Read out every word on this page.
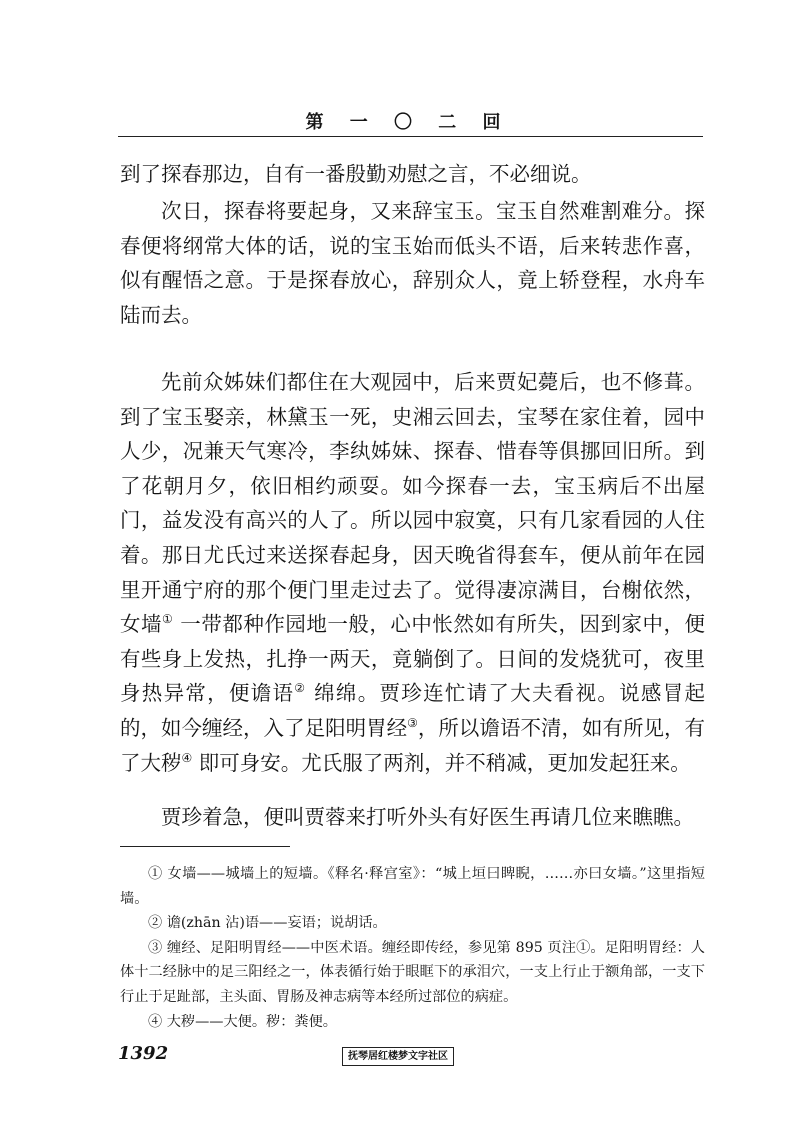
第 一 〇 二 回

到了探春那边，自有一番殷勤劝慰之言，不必细说。

次日，探春将要起身，又来辞宝玉。宝玉自然难割难分。探春便将纲常大体的话，说的宝玉始而低头不语，后来转悲作喜，似有醒悟之意。于是探春放心，辞别众人，竟上轿登程，水舟车陆而去。

先前众姊妹们都住在大观园中，后来贾妃薨后，也不修葺。到了宝玉娶亲，林黛玉一死，史湘云回去，宝琴在家住着，园中人少，况兼天气寒冷，李纨姊妹、探春、惜春等俱挪回旧所。到了花朝月夕，依旧相约顽耍。如今探春一去，宝玉病后不出屋门，益发没有高兴的人了。所以园中寂寞，只有几家看园的人住着。那日尤氏过来送探春起身，因天晚省得套车，便从前年在园里开通宁府的那个便门里走过去了。觉得凄凉满目，台榭依然，女墙① 一带都种作园地一般，心中怅然如有所失，因到家中，便有些身上发热，扎挣一两天，竟躺倒了。日间的发烧犹可，夜里身热异常，便谵语② 绵绵。贾珍连忙请了大夫看视。说感冒起的，如今缠经，入了足阳明胃经③，所以谵语不清，如有所见，有了大秽④ 即可身安。尤氏服了两剂，并不稍减，更加发起狂来。

贾珍着急，便叫贾蓉来打听外头有好医生再请几位来瞧瞧。

① 女墙——城墙上的短墙。《释名·释宫室》：“城上垣曰睥睨，……亦曰女墙。”这里指短墙。

② 谵(zhān 沾)语——妄语；说胡话。

③ 缠经、足阳明胃经——中医术语。缠经即传经，参见第 895 页注①。足阳明胃经：人体十二经脉中的足三阳经之一，体表循行始于眼眶下的承泪穴，一支上行止于额角部，一支下行止于足趾部，主头面、胃肠及神志病等本经所过部位的病症。

④ 大秽——大便。秽：粪便。

1392	抚琴居红楼梦文字社区
